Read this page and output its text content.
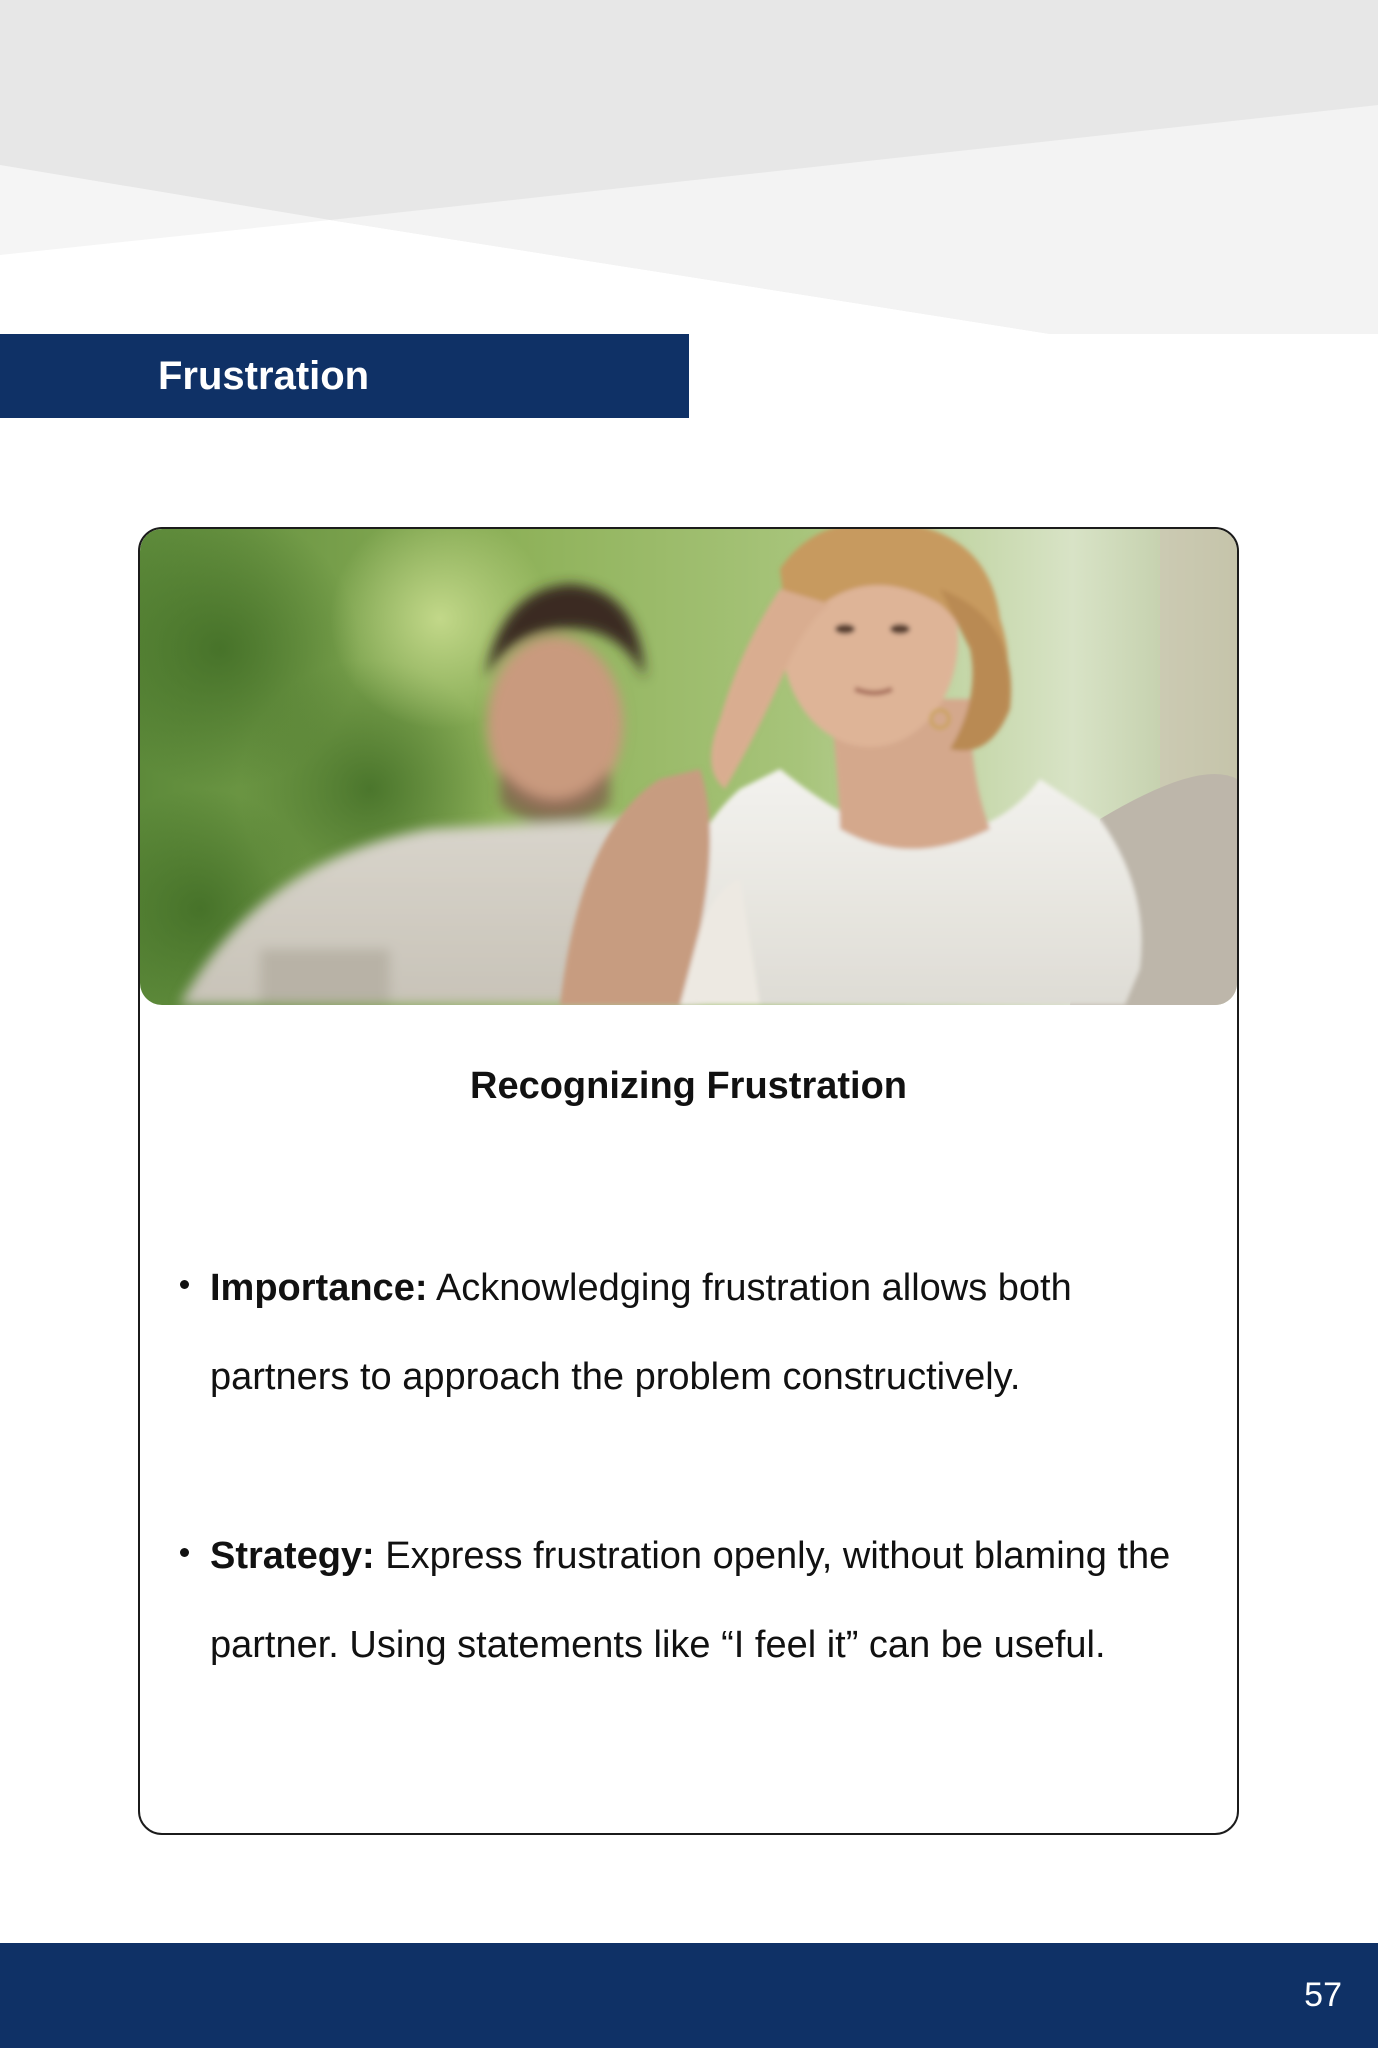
Frustration
Recognizing Frustration
Importance: Acknowledging frustration allows both partners to approach the problem constructively.
Strategy: Express frustration openly, without blaming the partner. Using statements like “I feel it” can be useful.
57
